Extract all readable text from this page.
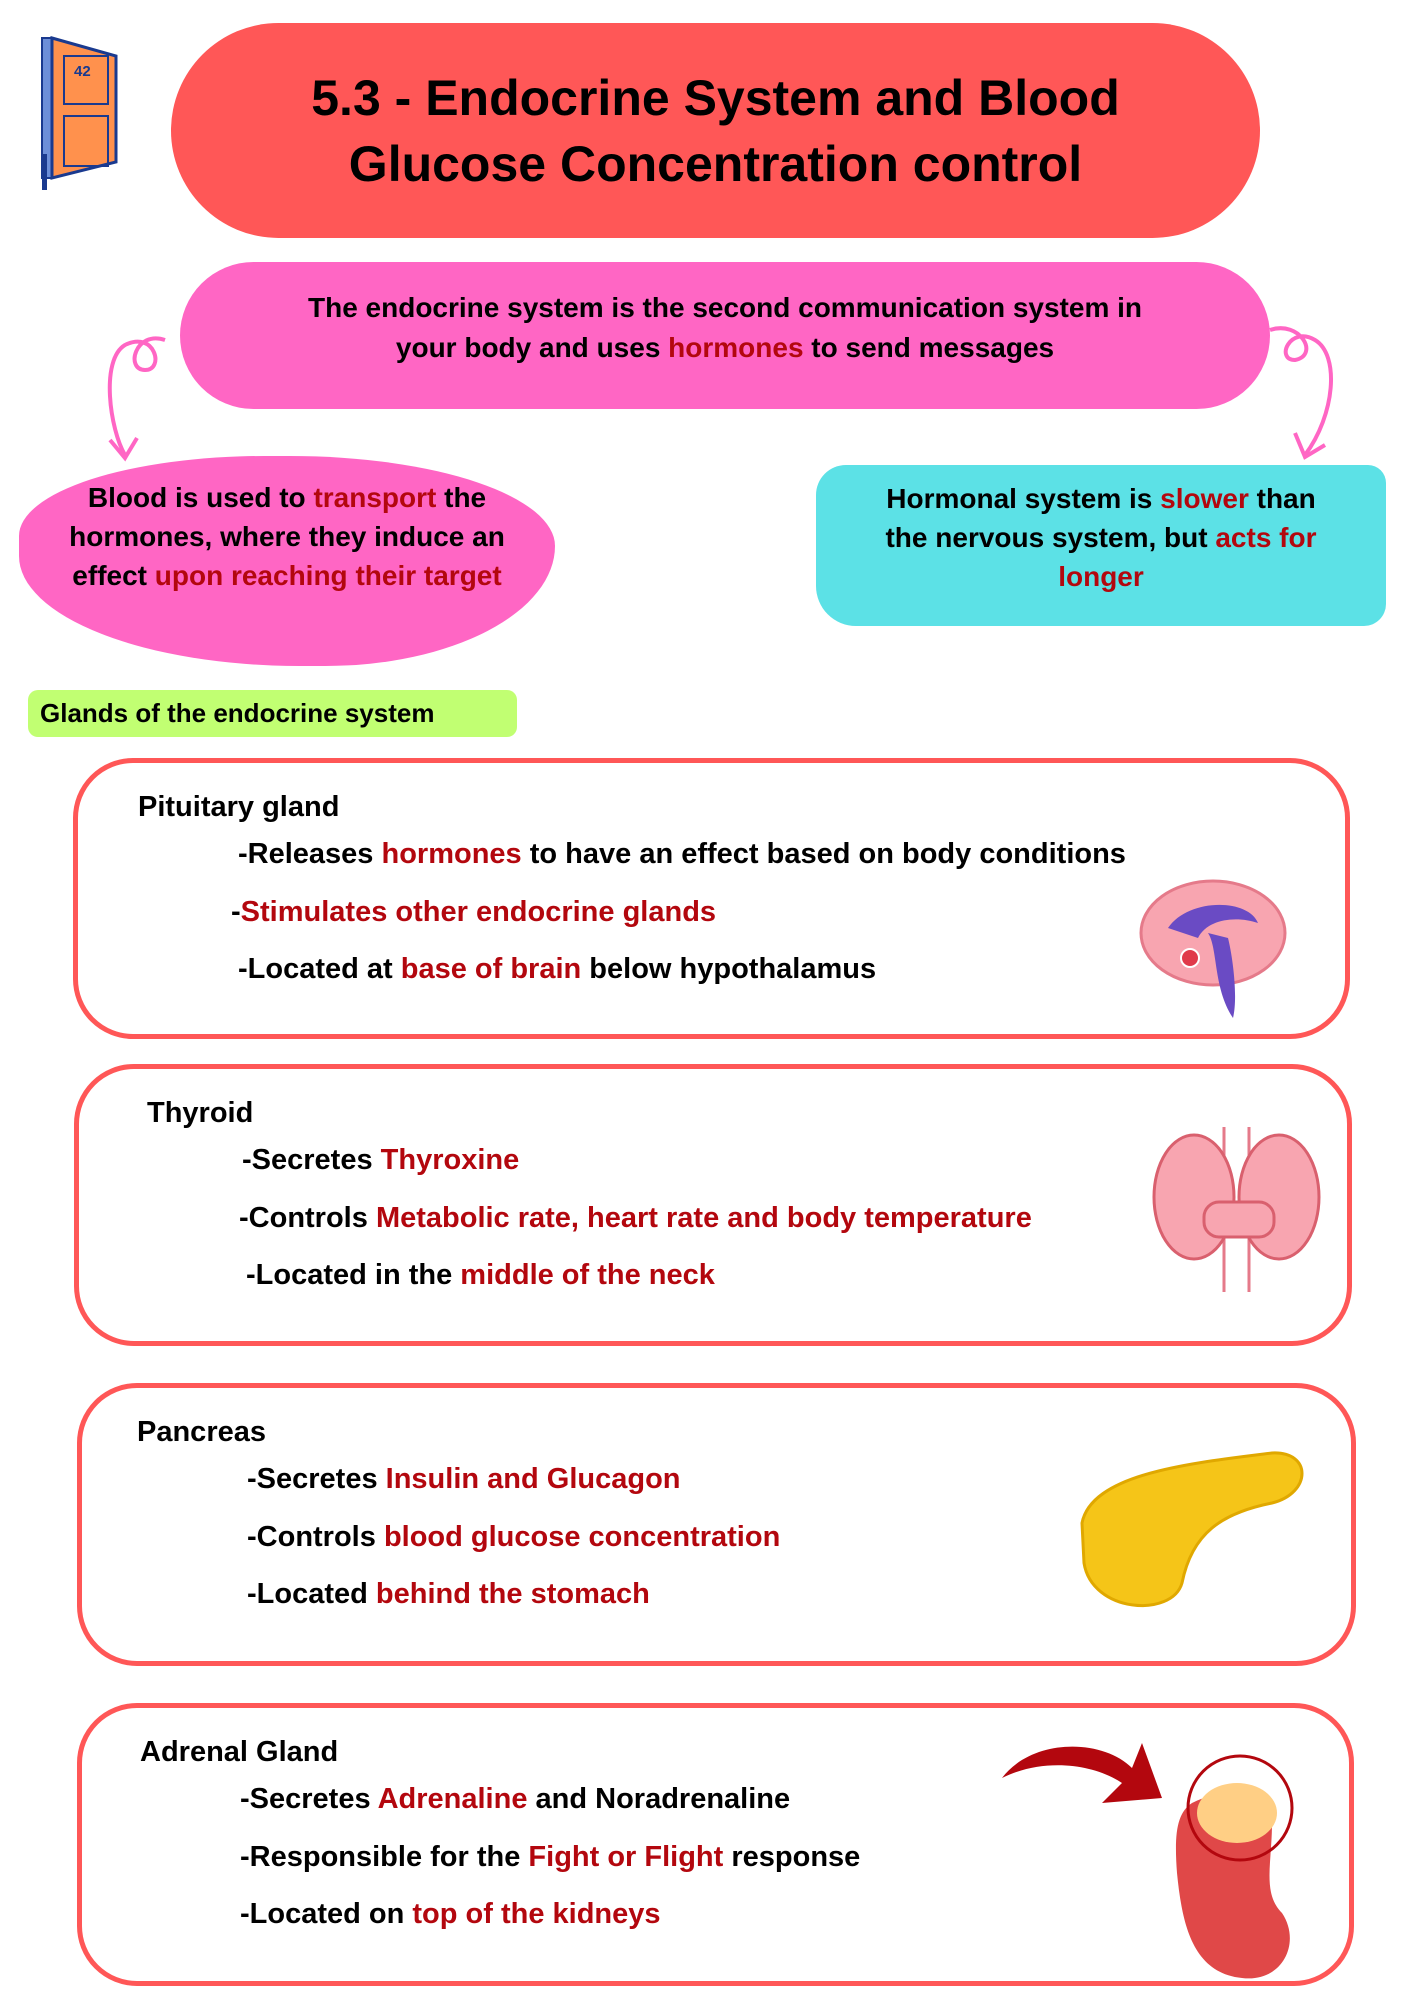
42	5.3 - Endocrine System and Blood
Glucose Concentration control
The endocrine system is the second communication system in
your body and uses hormones to send messages
Blood is used to transport the
hormones, where they induce an
effect upon reaching their target
Hormonal system is slower than
the nervous system, but acts for
longer
Glands of the endocrine system
Pituitary gland
-Releases hormones to have an effect based on body conditions
-Stimulates other endocrine glands
-Located at base of brain below hypothalamus
Thyroid
-Secretes Thyroxine
-Controls Metabolic rate, heart rate and body temperature
-Located in the middle of the neck
Pancreas
-Secretes Insulin and Glucagon
-Controls blood glucose concentration
-Located behind the stomach
Adrenal Gland
-Secretes Adrenaline and Noradrenaline
-Responsible for the Fight or Flight response
-Located on top of the kidneys
